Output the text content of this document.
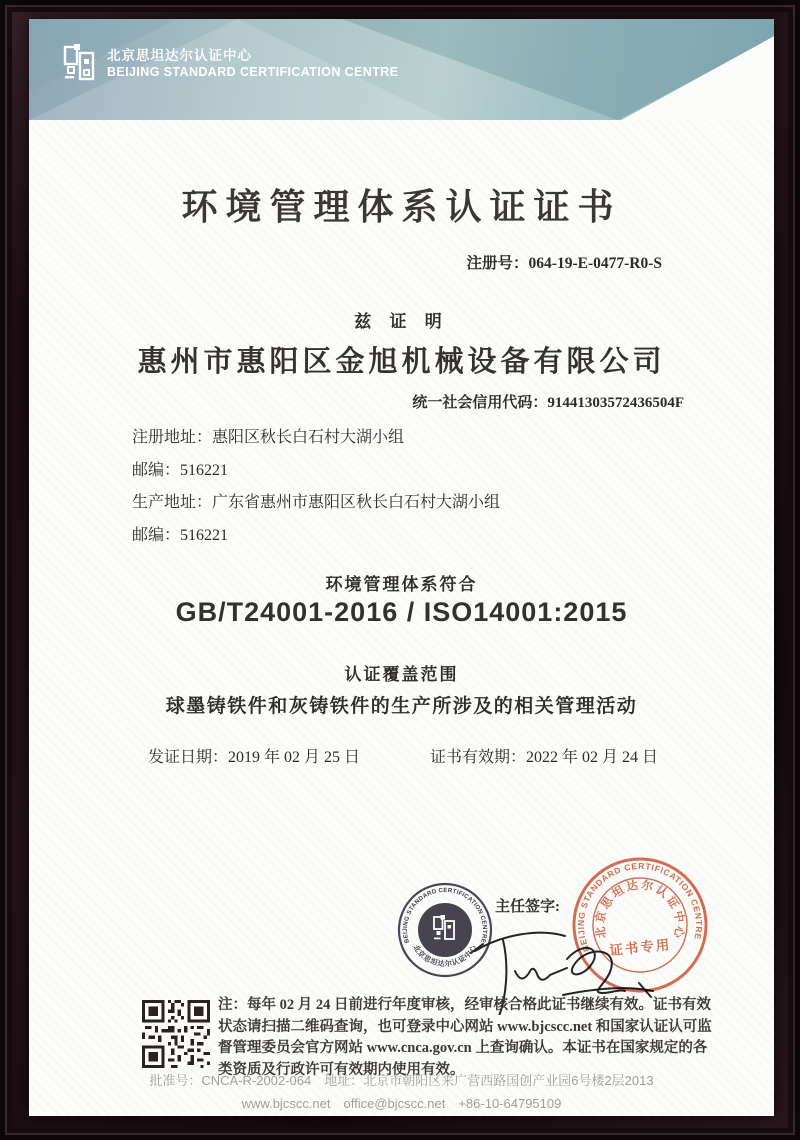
北京思坦达尔认证中心
BEIJING STANDARD CERTIFICATION CENTRE
环境管理体系认证证书
注册号：064-19-E-0477-R0-S
兹 证 明
惠州市惠阳区金旭机械设备有限公司
统一社会信用代码：91441303572436504F
注册地址：惠阳区秋长白石村大湖小组
邮编：516221
生产地址：广东省惠州市惠阳区秋长白石村大湖小组
邮编：516221
环境管理体系符合
GB/T24001-2016 / ISO14001:2015
认证覆盖范围
球墨铸铁件和灰铸铁件的生产所涉及的相关管理活动
发证日期：2019 年 02 月 25 日	证书有效期：2022 年 02 月 24 日
BEIJING STANDARD CERTIFICATION CENTRE
北京思坦达尔认证中心
主任签字:
BEIJING STANDARD CERTIFICATION CENTRE
北京思坦达尔认证中心
证书专用
注：每年 02 月 24 日前进行年度审核，经审核合格此证书继续有效。证书有效
状态请扫描二维码查询，也可登录中心网站 www.bjcscc.net 和国家认证认可监
督管理委员会官方网站 www.cnca.gov.cn 上查询确认。本证书在国家规定的各
类资质及行政许可有效期内使用有效。
批准号：CNCA-R-2002-064　地址：北京市朝阳区来广营西路国创产业园6号楼2层2013
www.bjcscc.net　office@bjcscc.net　+86-10-64795109
